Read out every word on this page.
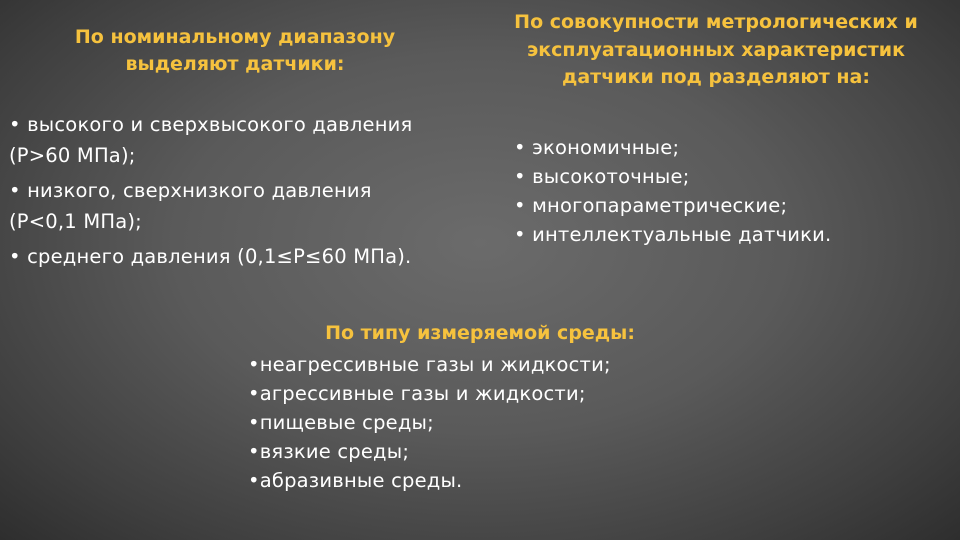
По номинальному диапазону
выделяют датчики:
• высокого и сверхвысокого давления
(Р>60 МПа);
• низкого, сверхнизкого давления
(Р<0,1 МПа);
• среднего давления (0,1≤Р≤60 МПа).
По совокупности метрологических и
эксплуатационных характеристик
датчики под разделяют на:
• экономичные;
• высокоточные;
• многопараметрические;
• интеллектуальные датчики.
По типу измеряемой среды:
•неагрессивные газы и жидкости;
•агрессивные газы и жидкости;
•пищевые среды;
•вязкие среды;
•абразивные среды.
